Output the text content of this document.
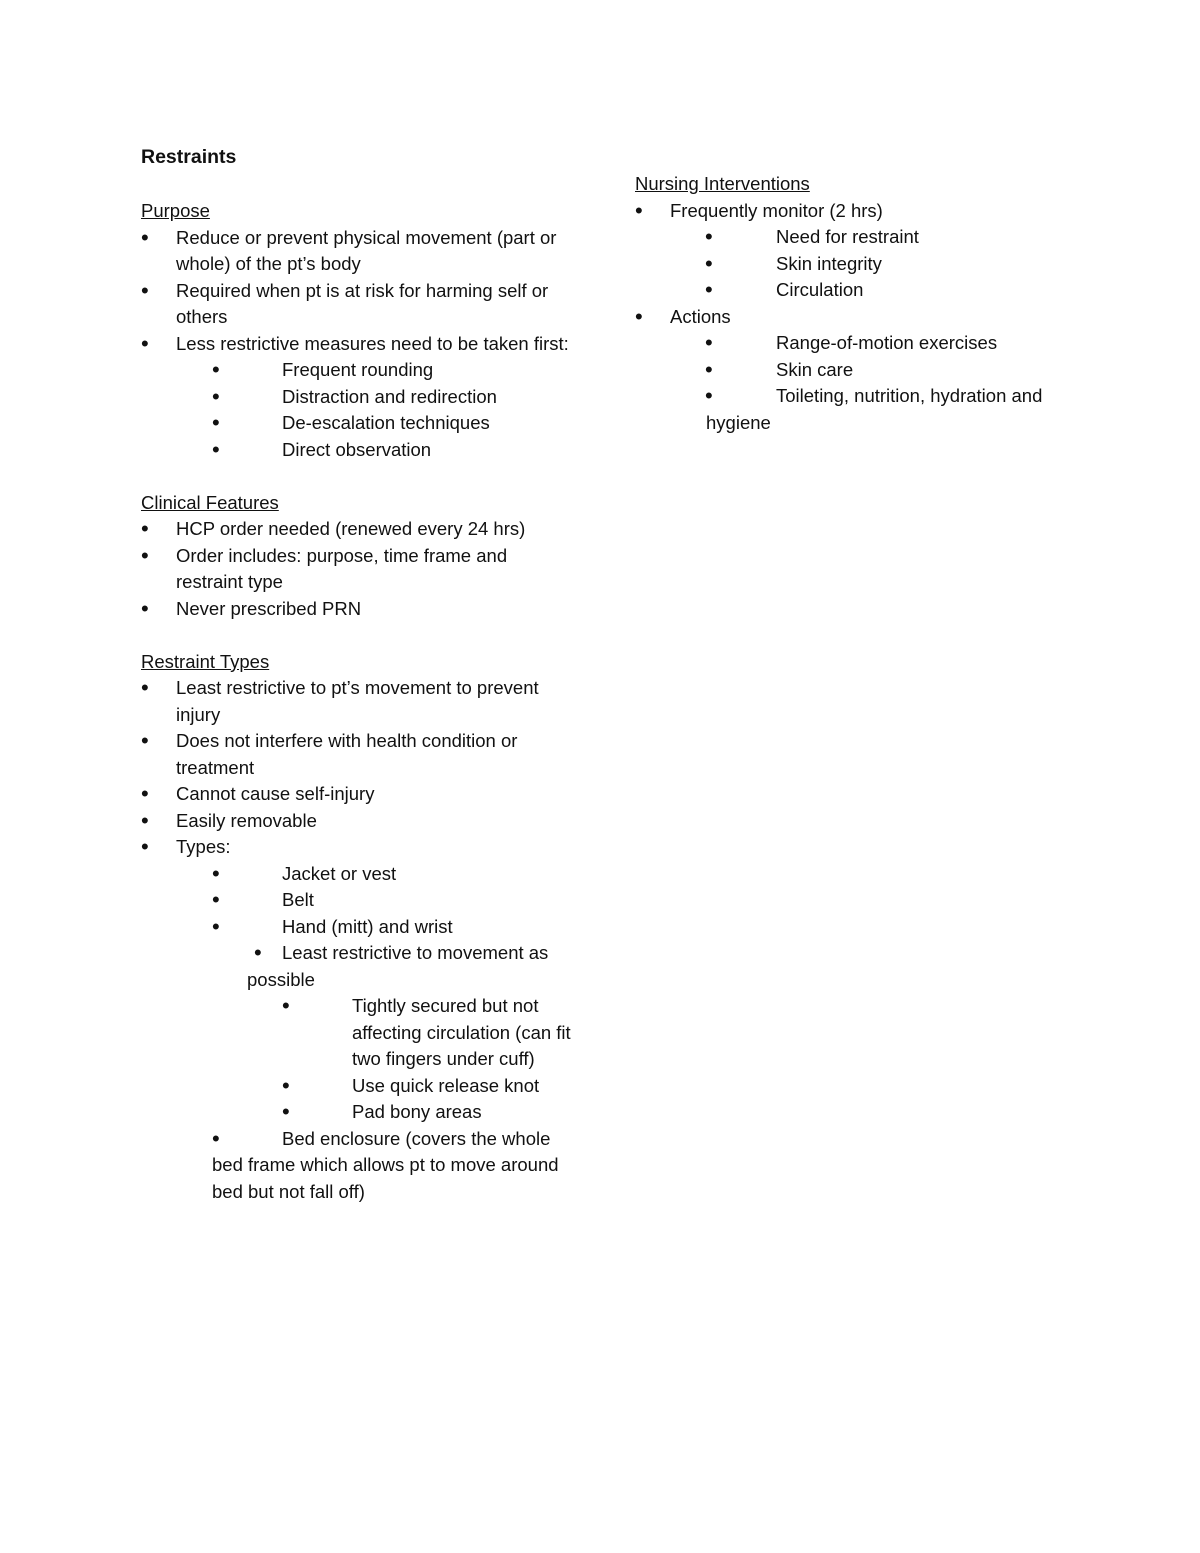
Restraints
Purpose
• Reduce or prevent physical movement (part or whole) of the pt’s body
• Required when pt is at risk for harming self or others
• Less restrictive measures need to be taken first:
• Frequent rounding
• Distraction and redirection
• De-escalation techniques
• Direct observation
Clinical Features
• HCP order needed (renewed every 24 hrs)
• Order includes: purpose, time frame and restraint type
• Never prescribed PRN
Restraint Types
• Least restrictive to pt’s movement to prevent injury
• Does not interfere with health condition or treatment
• Cannot cause self-injury
• Easily removable
• Types:
• Jacket or vest
• Belt
• Hand (mitt) and wrist
• Least restrictive to movement as possible
• Tightly secured but not affecting circulation (can fit two fingers under cuff)
• Use quick release knot
• Pad bony areas
• Bed enclosure (covers the whole bed frame which allows pt to move around bed but not fall off)
Nursing Interventions
• Frequently monitor (2 hrs)
• Need for restraint
• Skin integrity
• Circulation
• Actions
• Range-of-motion exercises
• Skin care
• Toileting, nutrition, hydration and hygiene
